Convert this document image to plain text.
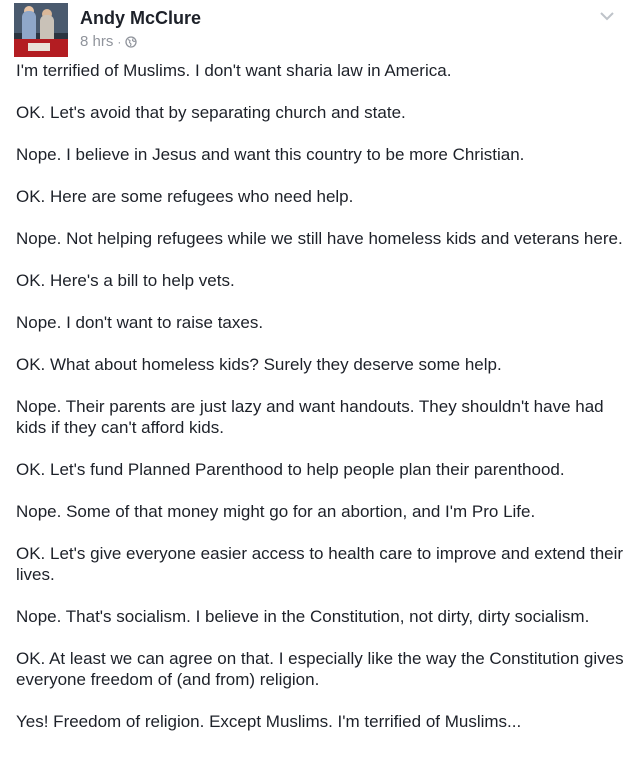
Andy McClure
8 hrs ·

I'm terrified of Muslims. I don't want sharia law in America.

OK. Let's avoid that by separating church and state.

Nope. I believe in Jesus and want this country to be more Christian.

OK. Here are some refugees who need help.

Nope. Not helping refugees while we still have homeless kids and veterans here.

OK. Here's a bill to help vets.

Nope. I don't want to raise taxes.

OK. What about homeless kids? Surely they deserve some help.

Nope. Their parents are just lazy and want handouts. They shouldn't have had kids if they can't afford kids.

OK. Let's fund Planned Parenthood to help people plan their parenthood.

Nope. Some of that money might go for an abortion, and I'm Pro Life.

OK. Let's give everyone easier access to health care to improve and extend their lives.

Nope. That's socialism. I believe in the Constitution, not dirty, dirty socialism.

OK. At least we can agree on that. I especially like the way the Constitution gives everyone freedom of (and from) religion.

Yes! Freedom of religion. Except Muslims. I'm terrified of Muslims...
